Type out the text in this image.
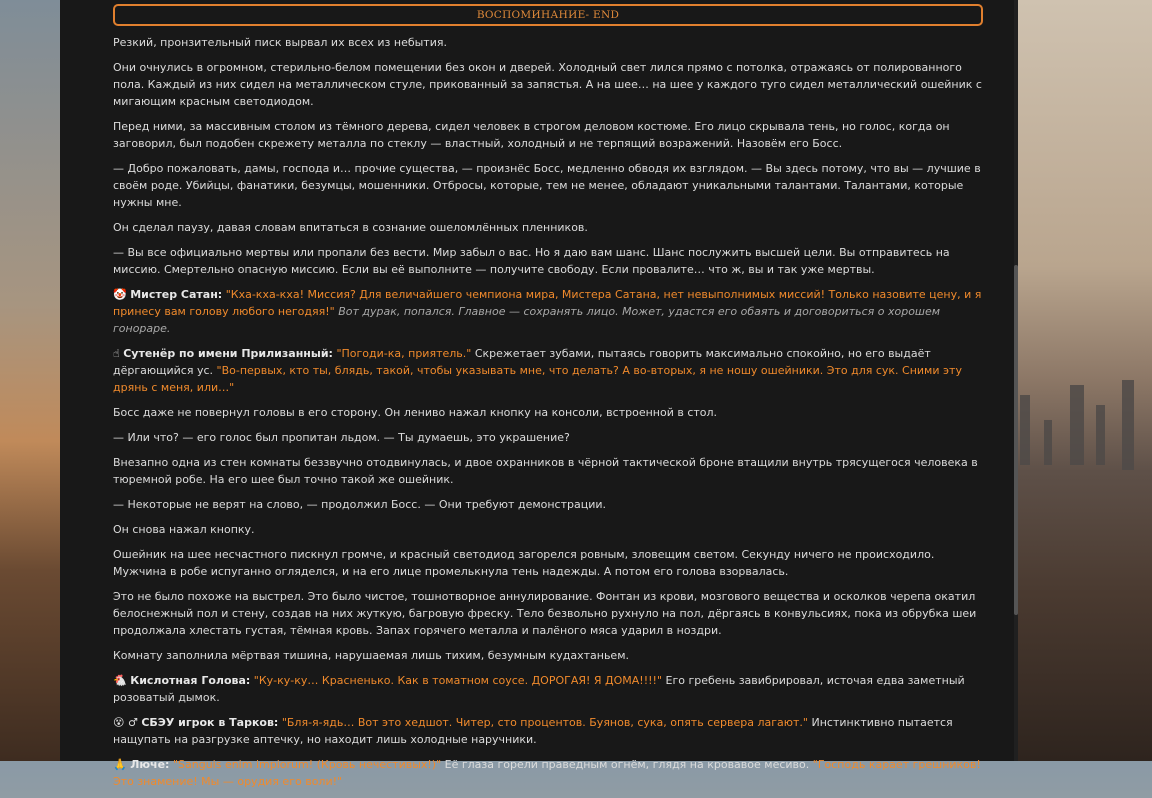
ВОСПОМИНАНИЕ- END

Резкий, пронзительный писк вырвал их всех из небытия.

Они очнулись в огромном, стерильно-белом помещении без окон и дверей. Холодный свет лился прямо с потолка, отражаясь от полированного пола. Каждый из них сидел на металлическом стуле, прикованный за запястья. А на шее… на шее у каждого туго сидел металлический ошейник с мигающим красным светодиодом.

Перед ними, за массивным столом из тёмного дерева, сидел человек в строгом деловом костюме. Его лицо скрывала тень, но голос, когда он заговорил, был подобен скрежету металла по стеклу — властный, холодный и не терпящий возражений. Назовём его Босс.

— Добро пожаловать, дамы, господа и… прочие существа, — произнёс Босс, медленно обводя их взглядом. — Вы здесь потому, что вы — лучшие в своём роде. Убийцы, фанатики, безумцы, мошенники. Отбросы, которые, тем не менее, обладают уникальными талантами. Талантами, которые нужны мне.

Он сделал паузу, давая словам впитаться в сознание ошеломлённых пленников.

— Вы все официально мертвы или пропали без вести. Мир забыл о вас. Но я даю вам шанс. Шанс послужить высшей цели. Вы отправитесь на миссию. Смертельно опасную миссию. Если вы её выполните — получите свободу. Если провалите… что ж, вы и так уже мертвы.

🤡 Мистер Сатан: "Кха-кха-кха! Миссия? Для величайшего чемпиона мира, Мистера Сатана, нет невыполнимых миссий! Только назовите цену, и я принесу вам голову любого негодяя!" Вот дурак, попался. Главное — сохранять лицо. Может, удастся его обаять и договориться о хорошем гонораре.

☝ Сутенёр по имени Прилизанный: "Погоди-ка, приятель." Скрежетает зубами, пытаясь говорить максимально спокойно, но его выдаёт дёргающийся ус. "Во-первых, кто ты, блядь, такой, чтобы указывать мне, что делать? А во-вторых, я не ношу ошейники. Это для сук. Сними эту дрянь с меня, или…"

Босс даже не повернул головы в его сторону. Он лениво нажал кнопку на консоли, встроенной в стол.

— Или что? — его голос был пропитан льдом. — Ты думаешь, это украшение?

Внезапно одна из стен комнаты беззвучно отодвинулась, и двое охранников в чёрной тактической броне втащили внутрь трясущегося человека в тюремной робе. На его шее был точно такой же ошейник.

— Некоторые не верят на слово, — продолжил Босс. — Они требуют демонстрации.

Он снова нажал кнопку.

Ошейник на шее несчастного пискнул громче, и красный светодиод загорелся ровным, зловещим светом. Секунду ничего не происходило. Мужчина в робе испуганно огляделся, и на его лице промелькнула тень надежды. А потом его голова взорвалась.

Это не было похоже на выстрел. Это было чистое, тошнотворное аннулирование. Фонтан из крови, мозгового вещества и осколков черепа окатил белоснежный пол и стену, создав на них жуткую, багровую фреску. Тело безвольно рухнуло на пол, дёргаясь в конвульсиях, пока из обрубка шеи продолжала хлестать густая, тёмная кровь. Запах горячего металла и палёного мяса ударил в ноздри.

Комнату заполнила мёртвая тишина, нарушаемая лишь тихим, безумным кудахтаньем.

🐔 Кислотная Голова: "Ку-ку-ку… Красненько. Как в томатном соусе. ДОРОГАЯ! Я ДОМА!!!!" Его гребень завибрировал, источая едва заметный розоватый дымок.

😵 ♂ СБЭУ игрок в Тарков: "Бля-я-ядь… Вот это хедшот. Читер, сто процентов. Буянов, сука, опять сервера лагают." Инстинктивно пытается нащупать на разгрузке аптечку, но находит лишь холодные наручники.

🙏 Люче: "Sanguis enim impiorum! (Кровь нечестивых!)" Её глаза горели праведным огнём, глядя на кровавое месиво. "Господь карает грешников! Это знамение! Мы — орудия его воли!"
